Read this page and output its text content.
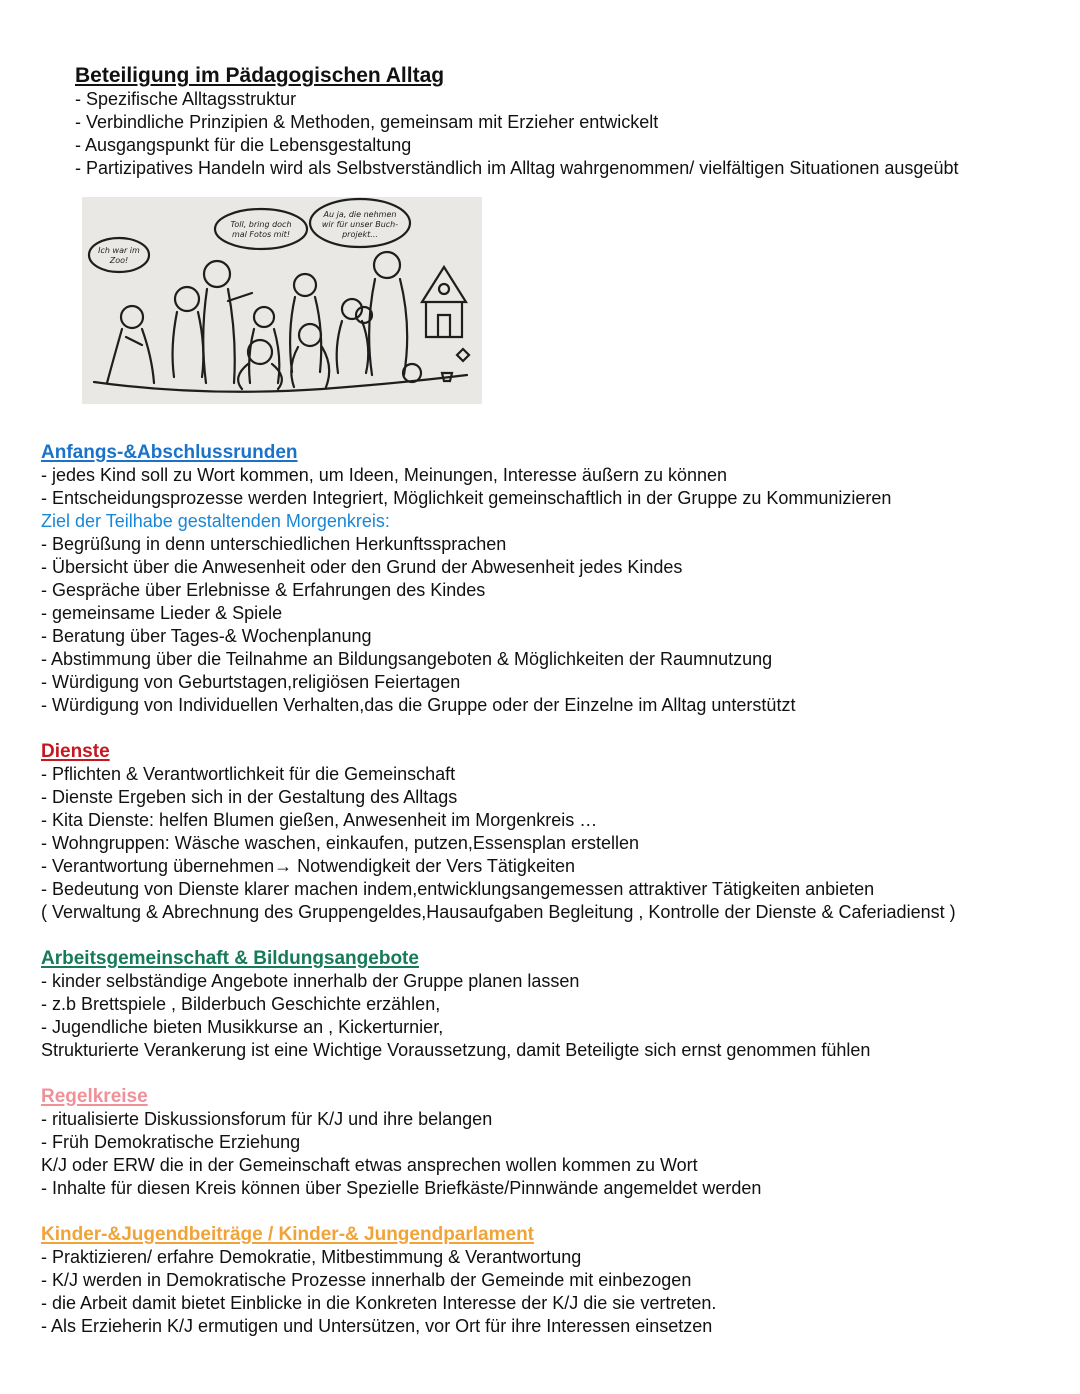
Beteiligung im Pädagogischen Alltag

- Spezifische Alltagsstruktur

- Verbindliche Prinzipien & Methoden, gemeinsam mit Erzieher entwickelt

- Ausgangspunkt für die Lebensgestaltung

- Partizipatives Handeln wird als Selbstverständlich im Alltag wahrgenommen/ vielfältigen Situationen ausgeübt

Ich war im
Zoo!
Toll, bring doch
mal Fotos mit!
Au ja, die nehmen
wir für unser Buch-
projekt...

Anfangs-&Abschlussrunden

- jedes Kind soll zu Wort kommen, um Ideen, Meinungen, Interesse äußern zu können

- Entscheidungsprozesse werden Integriert, Möglichkeit gemeinschaftlich in der Gruppe zu Kommunizieren

Ziel der Teilhabe gestaltenden Morgenkreis:

- Begrüßung in denn unterschiedlichen Herkunftssprachen

- Übersicht über die Anwesenheit oder den Grund der Abwesenheit jedes Kindes

- Gespräche über Erlebnisse & Erfahrungen des Kindes

- gemeinsame Lieder & Spiele

- Beratung über Tages-& Wochenplanung

- Abstimmung über die Teilnahme an Bildungsangeboten & Möglichkeiten der Raumnutzung

- Würdigung von Geburtstagen,religiösen Feiertagen

- Würdigung von Individuellen Verhalten,das die Gruppe oder der Einzelne im Alltag unterstützt

Dienste

- Pflichten & Verantwortlichkeit für die Gemeinschaft

- Dienste Ergeben sich in der Gestaltung des Alltags

- Kita Dienste: helfen Blumen gießen, Anwesenheit im Morgenkreis …

- Wohngruppen: Wäsche waschen, einkaufen, putzen,Essensplan erstellen

- Verantwortung übernehmen→ Notwendigkeit der Vers Tätigkeiten

- Bedeutung von Dienste klarer machen indem,entwicklungsangemessen attraktiver Tätigkeiten anbieten

( Verwaltung & Abrechnung des Gruppengeldes,Hausaufgaben Begleitung , Kontrolle der Dienste & Caferiadienst )

Arbeitsgemeinschaft & Bildungsangebote

- kinder selbständige Angebote innerhalb der Gruppe planen lassen

- z.b Brettspiele , Bilderbuch Geschichte erzählen,

- Jugendliche bieten Musikkurse an , Kickerturnier,

Strukturierte Verankerung ist eine Wichtige Voraussetzung, damit Beteiligte sich ernst genommen fühlen

Regelkreise

- ritualisierte Diskussionsforum für K/J und ihre belangen

- Früh Demokratische Erziehung

K/J oder ERW die in der Gemeinschaft etwas ansprechen wollen kommen zu Wort

- Inhalte für diesen Kreis können über Spezielle Briefkäste/Pinnwände angemeldet werden

Kinder-&Jugendbeiträge / Kinder-& Jungendparlament

- Praktizieren/ erfahre Demokratie, Mitbestimmung & Verantwortung

- K/J werden in Demokratische Prozesse innerhalb der Gemeinde mit einbezogen

- die Arbeit damit bietet Einblicke in die Konkreten Interesse der K/J die sie vertreten.

- Als Erzieherin K/J ermutigen und Untersützen, vor Ort für ihre Interessen einsetzen
